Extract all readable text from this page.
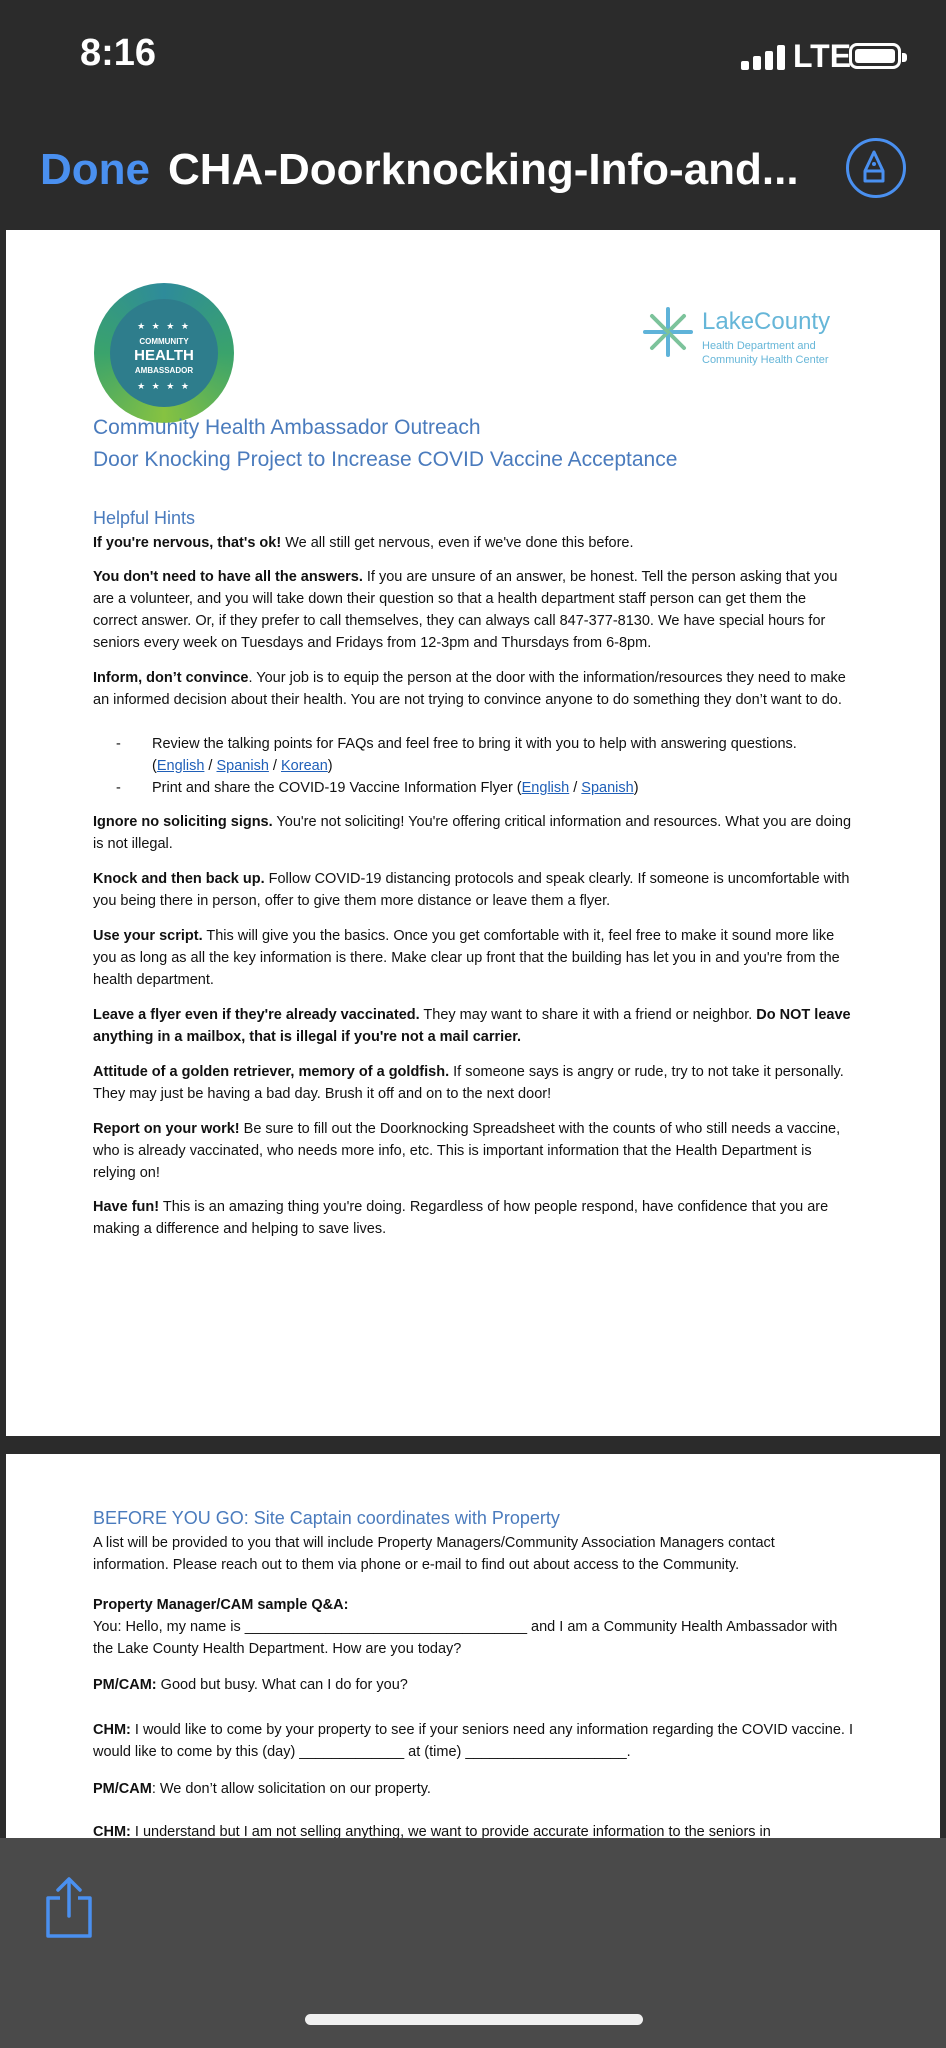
8:16	LTE
Done CHA-Doorknocking-Info-and...
★ ★ ★ ★
COMMUNITY
HEALTH
AMBASSADOR
★ ★ ★ ★
LakeCounty
Health Department and
Community Health Center
Community Health Ambassador Outreach
Door Knocking Project to Increase COVID Vaccine Acceptance
Helpful Hints
If you're nervous, that's ok! We all still get nervous, even if we've done this before.
You don't need to have all the answers. If you are unsure of an answer, be honest. Tell the person asking that you are a volunteer, and you will take down their question so that a health department staff person can get them the correct answer. Or, if they prefer to call themselves, they can always call 847-377-8130. We have special hours for seniors every week on Tuesdays and Fridays from 12-3pm and Thursdays from 6-8pm.
Inform, don’t convince. Your job is to equip the person at the door with the information/resources they need to make an informed decision about their health. You are not trying to convince anyone to do something they don’t want to do.
- Review the talking points for FAQs and feel free to bring it with you to help with answering questions.
(English / Spanish / Korean)
- Print and share the COVID-19 Vaccine Information Flyer (English / Spanish)
Ignore no soliciting signs. You're not soliciting! You're offering critical information and resources. What you are doing is not illegal.
Knock and then back up. Follow COVID-19 distancing protocols and speak clearly. If someone is uncomfortable with you being there in person, offer to give them more distance or leave them a flyer.
Use your script. This will give you the basics. Once you get comfortable with it, feel free to make it sound more like you as long as all the key information is there. Make clear up front that the building has let you in and you're from the health department.
Leave a flyer even if they're already vaccinated. They may want to share it with a friend or neighbor. Do NOT leave anything in a mailbox, that is illegal if you're not a mail carrier.
Attitude of a golden retriever, memory of a goldfish. If someone says is angry or rude, try to not take it personally. They may just be having a bad day. Brush it off and on to the next door!
Report on your work! Be sure to fill out the Doorknocking Spreadsheet with the counts of who still needs a vaccine, who is already vaccinated, who needs more info, etc. This is important information that the Health Department is relying on!
Have fun! This is an amazing thing you're doing. Regardless of how people respond, have confidence that you are making a difference and helping to save lives.
BEFORE YOU GO: Site Captain coordinates with Property
A list will be provided to you that will include Property Managers/Community Association Managers contact information. Please reach out to them via phone or e-mail to find out about access to the Community.
Property Manager/CAM sample Q&A:
You: Hello, my name is ___________________________________ and I am a Community Health Ambassador with the Lake County Health Department. How are you today?
PM/CAM: Good but busy. What can I do for you?
CHM: I would like to come by your property to see if your seniors need any information regarding the COVID vaccine. I would like to come by this (day) _____________ at (time) ____________________.
PM/CAM: We don’t allow solicitation on our property.
CHM: I understand but I am not selling anything, we want to provide accurate information to the seniors in
